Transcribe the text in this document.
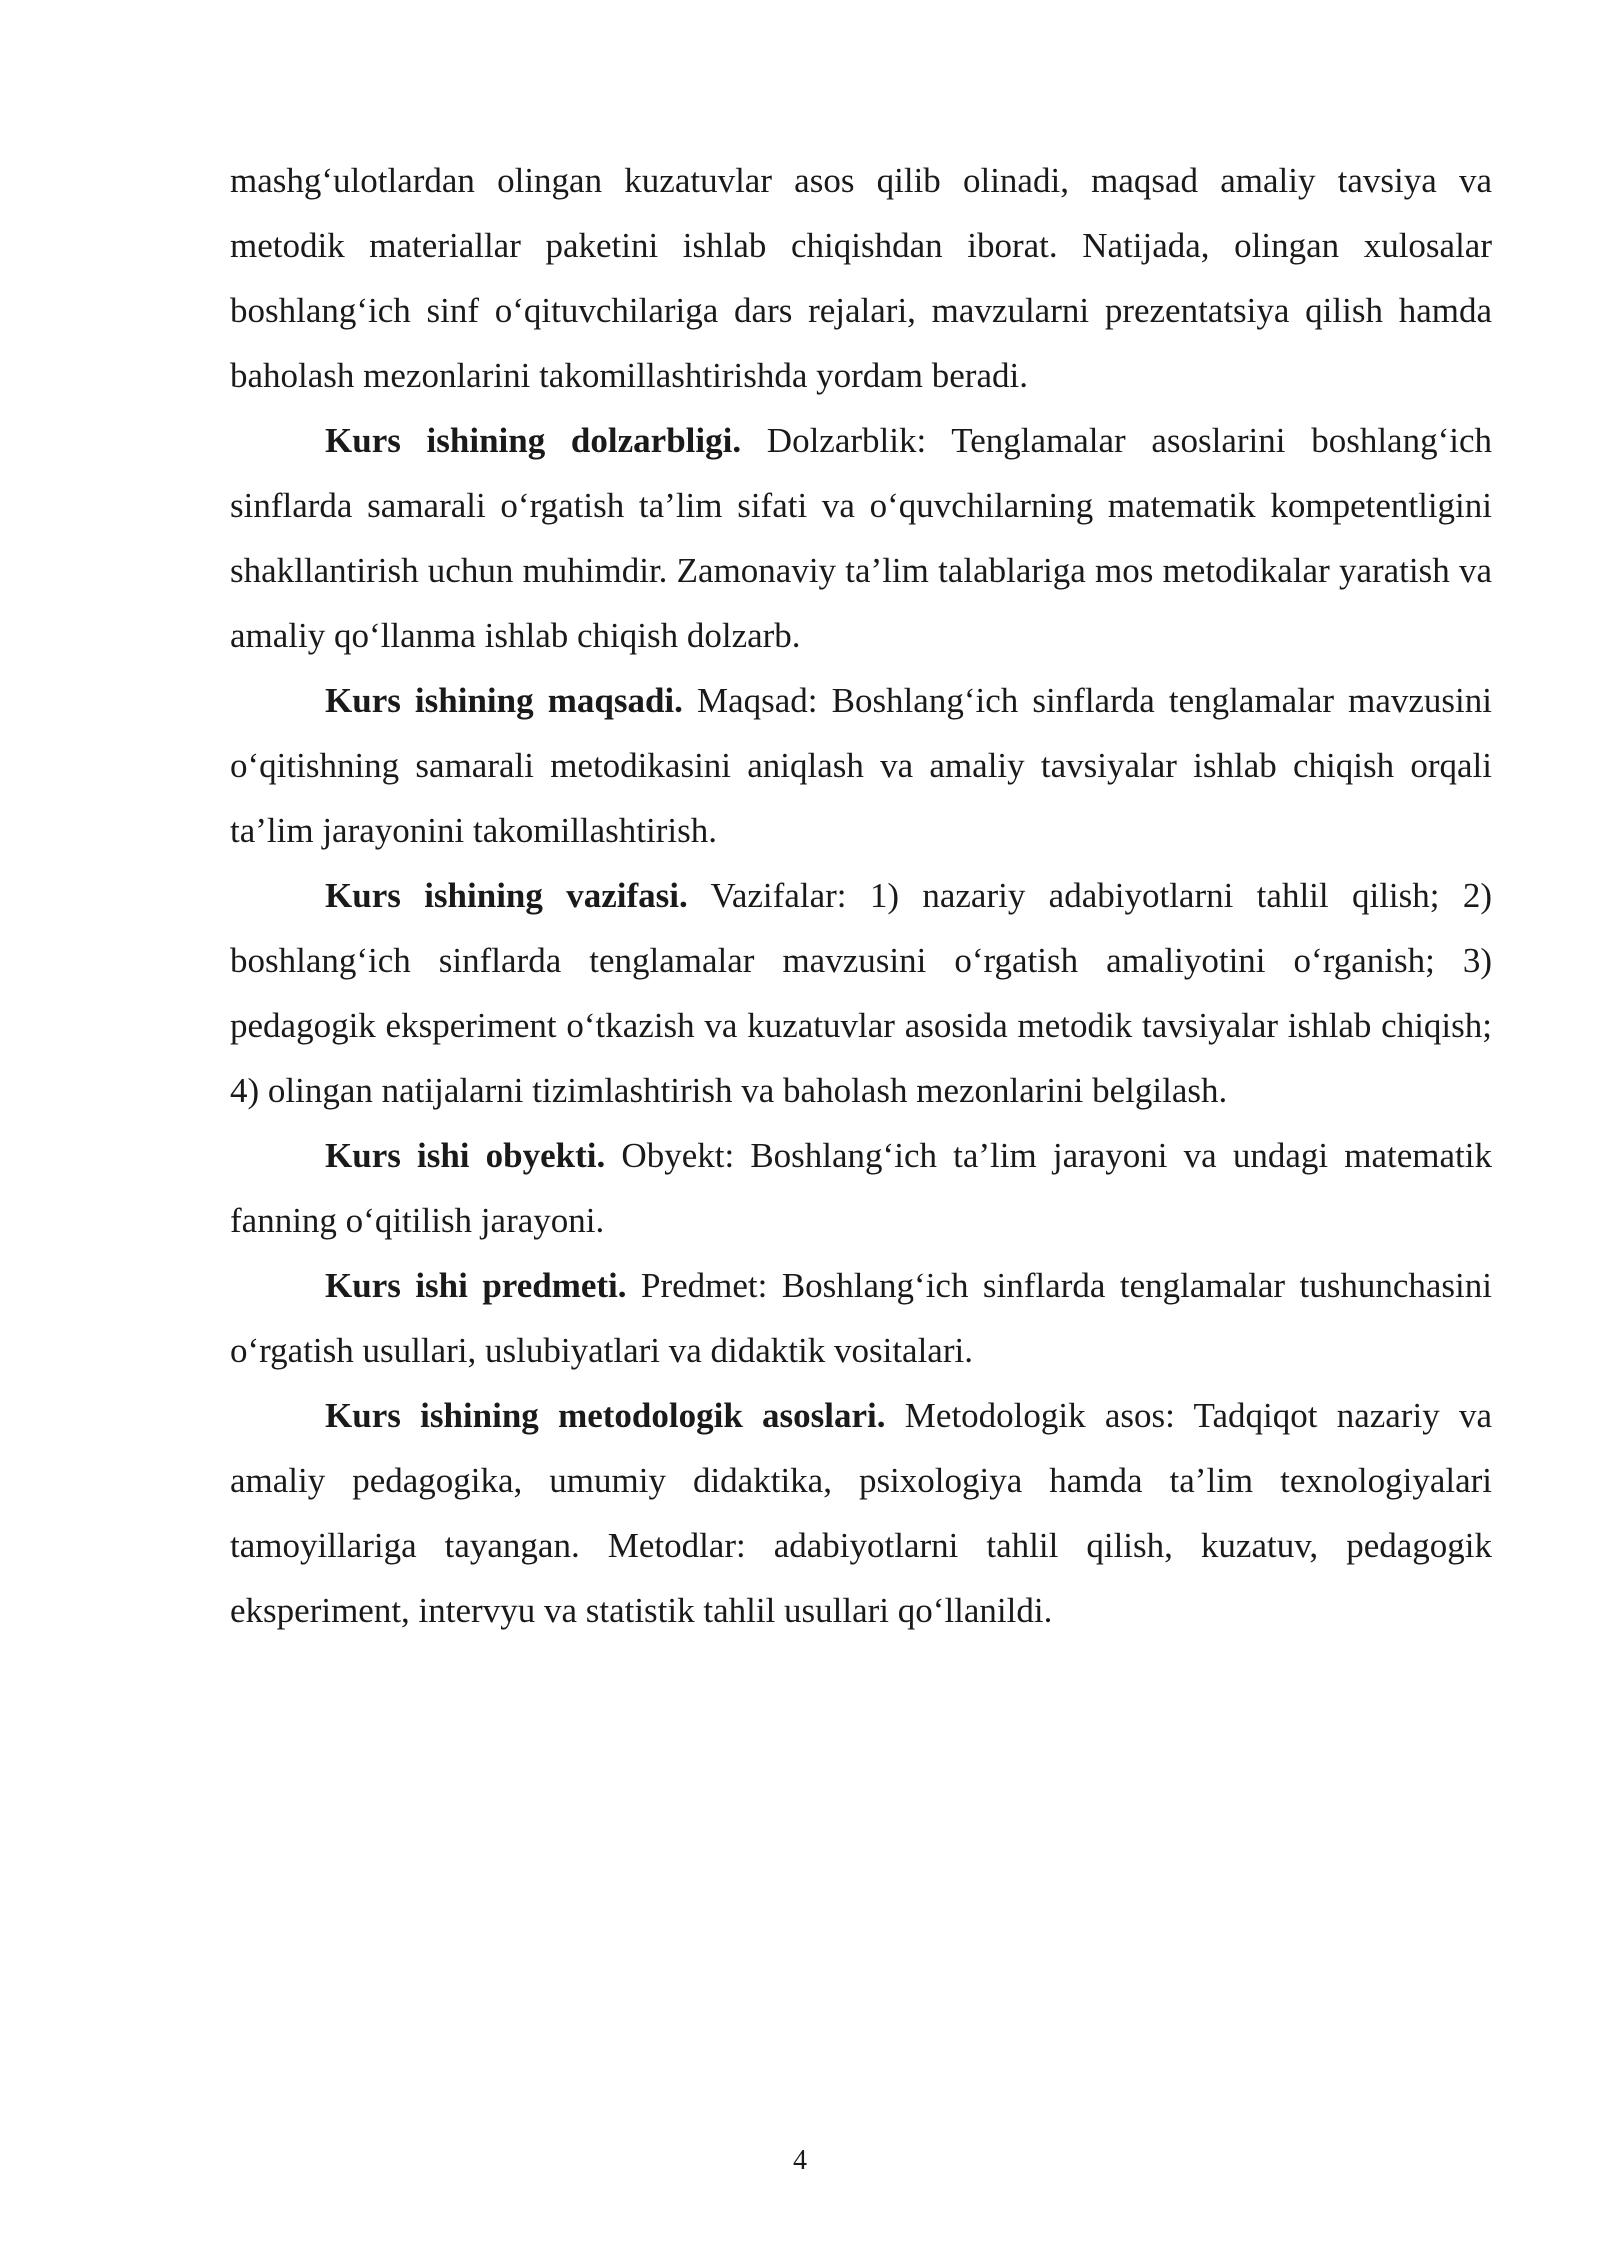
mashg‘ulotlardan olingan kuzatuvlar asos qilib olinadi, maqsad amaliy tavsiya va metodik materiallar paketini ishlab chiqishdan iborat. Natijada, olingan xulosalar boshlang‘ich sinf o‘qituvchilariga dars rejalari, mavzularni prezentatsiya qilish hamda baholash mezonlarini takomillashtirishda yordam beradi.

Kurs ishining dolzarbligi. Dolzarblik: Tenglamalar asoslarini boshlang‘ich sinflarda samarali o‘rgatish ta’lim sifati va o‘quvchilarning matematik kompetentligini shakllantirish uchun muhimdir. Zamonaviy ta’lim talablariga mos metodikalar yaratish va amaliy qo‘llanma ishlab chiqish dolzarb.

Kurs ishining maqsadi. Maqsad: Boshlang‘ich sinflarda tenglamalar mavzusini o‘qitishning samarali metodikasini aniqlash va amaliy tavsiyalar ishlab chiqish orqali ta’lim jarayonini takomillashtirish.

Kurs ishining vazifasi. Vazifalar: 1) nazariy adabiyotlarni tahlil qilish; 2) boshlang‘ich sinflarda tenglamalar mavzusini o‘rgatish amaliyotini o‘rganish; 3) pedagogik eksperiment o‘tkazish va kuzatuvlar asosida metodik tavsiyalar ishlab chiqish; 4) olingan natijalarni tizimlashtirish va baholash mezonlarini belgilash.

Kurs ishi obyekti. Obyekt: Boshlang‘ich ta’lim jarayoni va undagi matematik fanning o‘qitilish jarayoni.

Kurs ishi predmeti. Predmet: Boshlang‘ich sinflarda tenglamalar tushunchasini o‘rgatish usullari, uslubiyatlari va didaktik vositalari.

Kurs ishining metodologik asoslari. Metodologik asos: Tadqiqot nazariy va amaliy pedagogika, umumiy didaktika, psixologiya hamda ta’lim texnologiyalari tamoyillariga tayangan. Metodlar: adabiyotlarni tahlil qilish, kuzatuv, pedagogik eksperiment, intervyu va statistik tahlil usullari qo‘llanildi.

4
